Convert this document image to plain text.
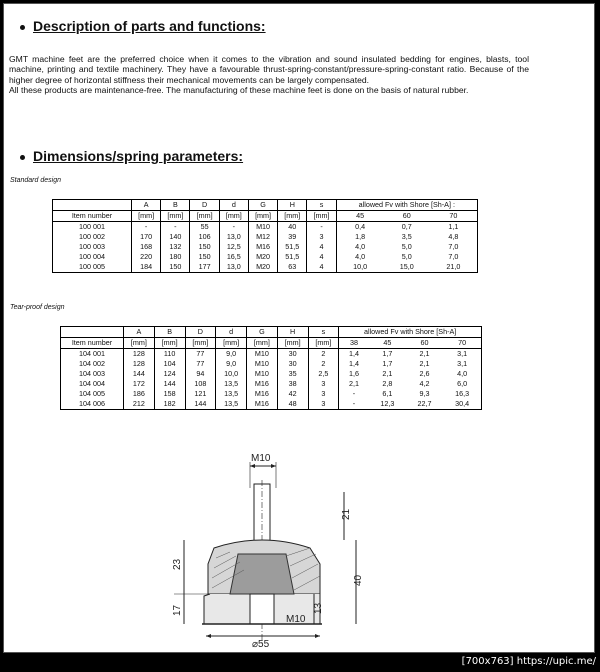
Description of parts and functions:

GMT machine feet are the preferred choice when it comes to the vibration and sound insulated bedding for engines, blasts, tool machine, printing and textile machinery. They have a favourable thrust-spring-constant/pressure-spring-constant ratio. Because of the higher degree of horizontal stiffness their mechanical movements can be largely compensated.

All these products are maintenance-free. The manufacturing of these machine feet is done on the basis of natural rubber.

Dimensions/spring parameters:
Standard design
	A	B	D	d	G	H	s	allowed Fv with Shore [Sh-A] :		
Item number	[mm]	[mm]	[mm]	[mm]	[mm]	[mm]	[mm]	45	60	70
100 001	-	-	55	-	M10	40	-	0,4	0,7	1,1
100 002	170	140	106	13,0	M12	39	3	1,8	3,5	4,8
100 003	168	132	150	12,5	M16	51,5	4	4,0	5,0	7,0
100 004	220	180	150	16,5	M20	51,5	4	4,0	5,0	7,0
100 005	184	150	177	13,0	M20	63	4	10,0	15,0	21,0
Tear-proof design
	A	B	D	d	G	H	s	allowed Fv with Shore [Sh-A]			
Item number	[mm]	[mm]	[mm]	[mm]	[mm]	[mm]	[mm]	38	45	60	70
104 001	128	110	77	9,0	M10	30	2	1,4	1,7	2,1	3,1
104 002	128	104	77	9,0	M10	30	2	1,4	1,7	2,1	3,1
104 003	144	124	94	10,0	M10	35	2,5	1,6	2,1	2,6	4,0
104 004	172	144	108	13,5	M16	38	3	2,1	2,8	4,2	6,0
104 005	186	158	121	13,5	M16	42	3	-	6,1	9,3	16,3
104 006	212	182	144	13,5	M16	48	3	-	12,3	22,7	30,4
M10
21
40
13
23
17
M10
⌀55
[700x763] https://upic.me/
